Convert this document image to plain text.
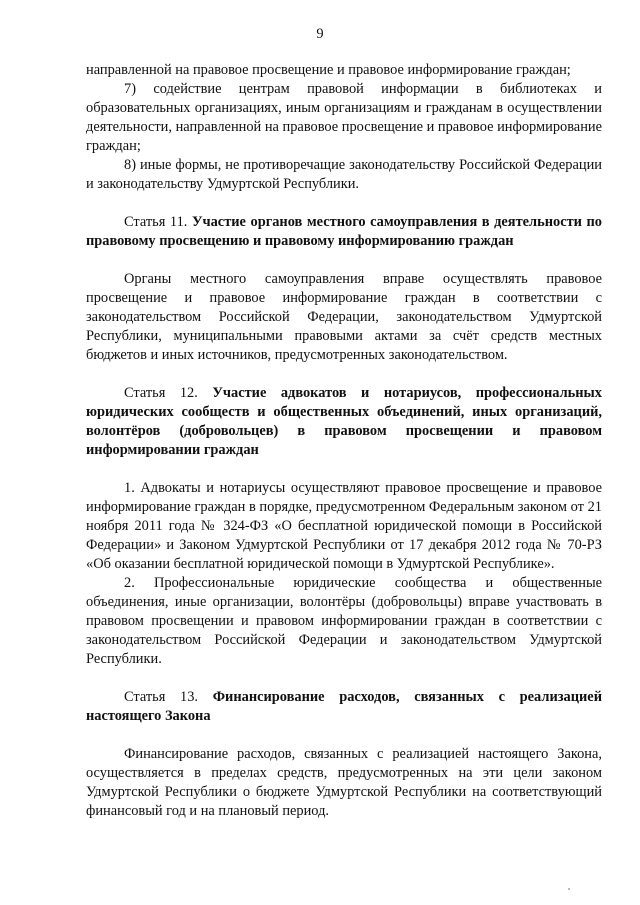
9

направленной на правовое просвещение и правовое информирование граждан;

7) содействие центрам правовой информации в библиотеках и образовательных организациях, иным организациям и гражданам в осуществлении деятельности, направленной на правовое просвещение и правовое информирование граждан;

8) иные формы, не противоречащие законодательству Российской Федерации и законодательству Удмуртской Республики.

Статья 11. Участие органов местного самоуправления в деятельности по правовому просвещению и правовому информированию граждан

Органы местного самоуправления вправе осуществлять правовое просвещение и правовое информирование граждан в соответствии с законодательством Российской Федерации, законодательством Удмуртской Республики, муниципальными правовыми актами за счёт средств местных бюджетов и иных источников, предусмотренных законодательством.

Статья 12. Участие адвокатов и нотариусов, профессиональных юридических сообществ и общественных объединений, иных организаций, волонтёров (добровольцев) в правовом просвещении и правовом информировании граждан

1. Адвокаты и нотариусы осуществляют правовое просвещение и правовое информирование граждан в порядке, предусмотренном Федеральным законом от 21 ноября 2011 года № 324-ФЗ «О бесплатной юридической помощи в Российской Федерации» и Законом Удмуртской Республики от 17 декабря 2012 года № 70-РЗ «Об оказании бесплатной юридической помощи в Удмуртской Республике».

2. Профессиональные юридические сообщества и общественные объединения, иные организации, волонтёры (добровольцы) вправе участвовать в правовом просвещении и правовом информировании граждан в соответствии с законодательством Российской Федерации и законодательством Удмуртской Республики.

Статья 13. Финансирование расходов, связанных с реализацией настоящего Закона

Финансирование расходов, связанных с реализацией настоящего Закона, осуществляется в пределах средств, предусмотренных на эти цели законом Удмуртской Республики о бюджете Удмуртской Республики на соответствующий финансовый год и на плановый период.
